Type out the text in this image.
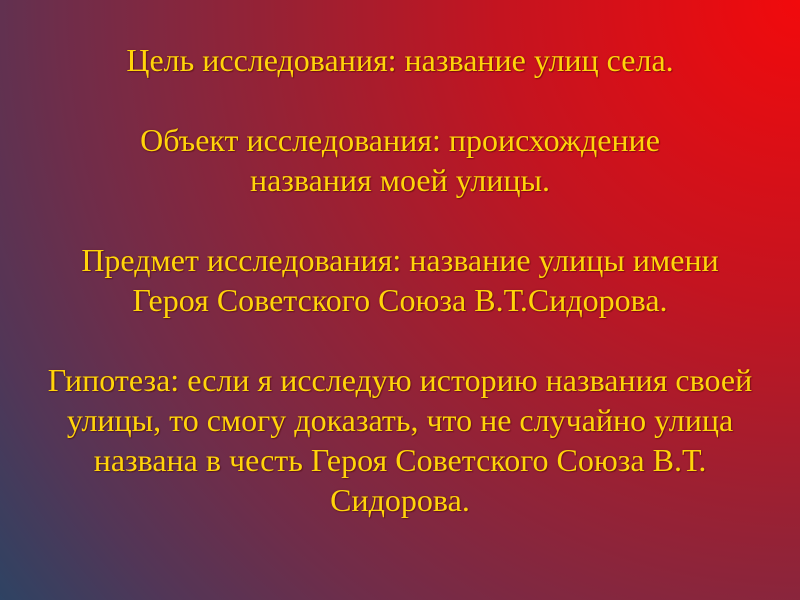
Цель исследования: название улиц села.
Объект исследования: происхождение
названия моей улицы.
Предмет исследования: название улицы имени
Героя Советского Союза В.Т.Сидорова.
Гипотеза: если я исследую историю названия своей
улицы, то смогу доказать, что не случайно улица
названа в честь Героя Советского Союза В.Т.
Сидорова.
